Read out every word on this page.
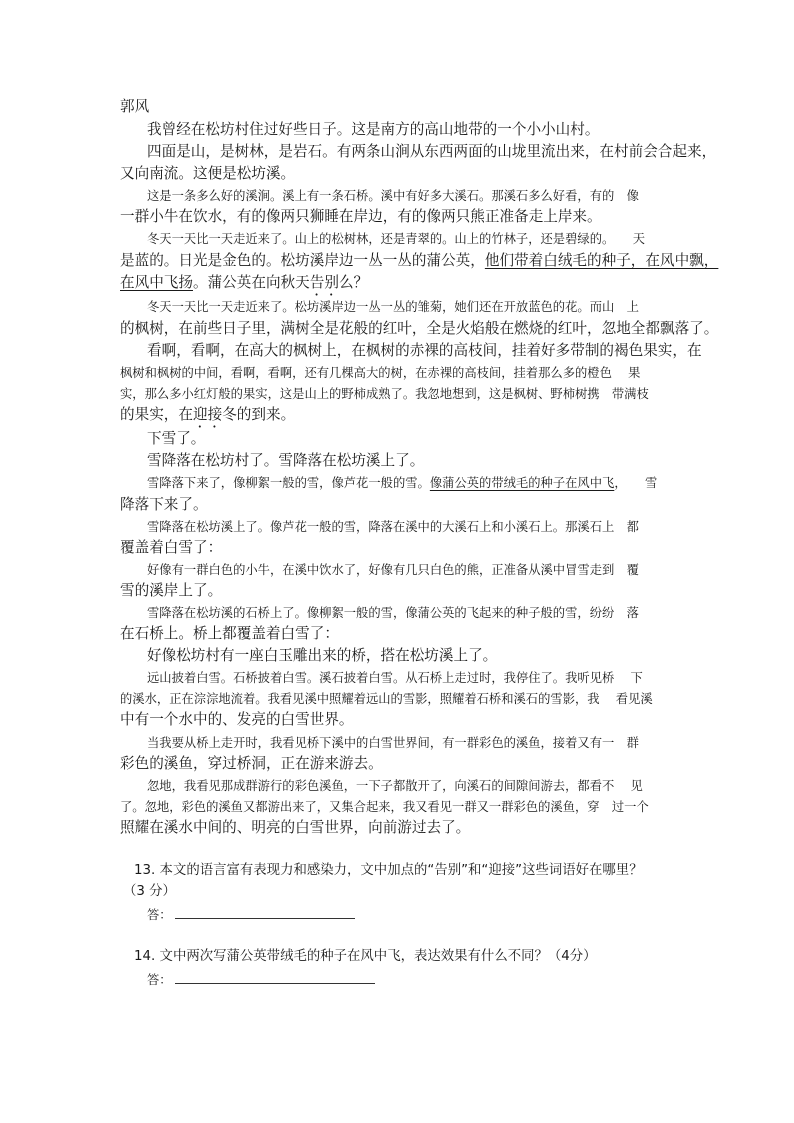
郭风
我曾经在松坊村住过好些日子。这是南方的高山地带的一个小小山村。
四面是山，是树林，是岩石。有两条山涧从东西两面的山垅里流出来，在村前会合起来，
又向南流。这便是松坊溪。
这是一条多么好的溪涧。溪上有一条石桥。溪中有好多大溪石。那溪石多么好看，有的　像
一群小牛在饮水，有的像两只狮睡在岸边，有的像两只熊正准备走上岸来。
冬天一天比一天走近来了。山上的松树林，还是青翠的。山上的竹林子，还是碧绿的。　　天
是蓝的。日光是金色的。松坊溪岸边一丛一丛的蒲公英，他们带着白绒毛的种子，在风中飘，
在风中飞扬。蒲公英在向秋天告别么？
冬天一天比一天走近来了。松坊溪岸边一丛一丛的雏菊，她们还在开放蓝色的花。而山　上
的枫树，在前些日子里，满树全是花般的红叶，全是火焰般在燃烧的红叶，忽地全都飘落了。
看啊，看啊，在高大的枫树上，在枫树的赤裸的高枝间，挂着好多带制的褐色果实，在
枫树和枫树的中间，看啊，看啊，还有几棵高大的树，在赤裸的高枝间，挂着那么多的橙色　 果
实，那么多小红灯般的果实，这是山上的野柿成熟了。我忽地想到，这是枫树、野柿树携　带满枝
的果实，在迎接冬的到来。
下雪了。
雪降落在松坊村了。雪降落在松坊溪上了。
雪降落下来了，像柳絮一般的雪，像芦花一般的雪。像蒲公英的带绒毛的种子在风中飞，　　雪
降落下来了。
雪降落在松坊溪上了。像芦花一般的雪，降落在溪中的大溪石上和小溪石上。那溪石上　都
覆盖着白雪了：
好像有一群白色的小牛，在溪中饮水了，好像有几只白色的熊，正准备从溪中冒雪走到　覆
雪的溪岸上了。
雪降落在松坊溪的石桥上了。像柳絮一般的雪，像蒲公英的飞起来的种子般的雪，纷纷　落
在石桥上。桥上都覆盖着白雪了：
好像松坊村有一座白玉雕出来的桥，搭在松坊溪上了。
远山披着白雪。石桥披着白雪。溪石披着白雪。从石桥上走过时，我停住了。我听见桥　 下
的溪水，正在淙淙地流着。我看见溪中照耀着远山的雪影，照耀着石桥和溪石的雪影，我　 看见溪
中有一个水中的、发亮的白雪世界。
当我要从桥上走开时，我看见桥下溪中的白雪世界间，有一群彩色的溪鱼，接着又有一　群
彩色的溪鱼，穿过桥洞，正在游来游去。
忽地，我看见那成群游行的彩色溪鱼，一下子都散开了，向溪石的间隙间游去，都看不　 见
了。忽地，彩色的溪鱼又都游出来了，又集合起来，我又看见一群又一群彩色的溪鱼，穿　过一个
照耀在溪水中间的、明亮的白雪世界，向前游过去了。
13. 本文的语言富有表现力和感染力，文中加点的“告别”和“迎接”这些词语好在哪里？
（3 分）
答：
14. 文中两次写蒲公英带绒毛的种子在风中飞，表达效果有什么不同？（4分）
答：
